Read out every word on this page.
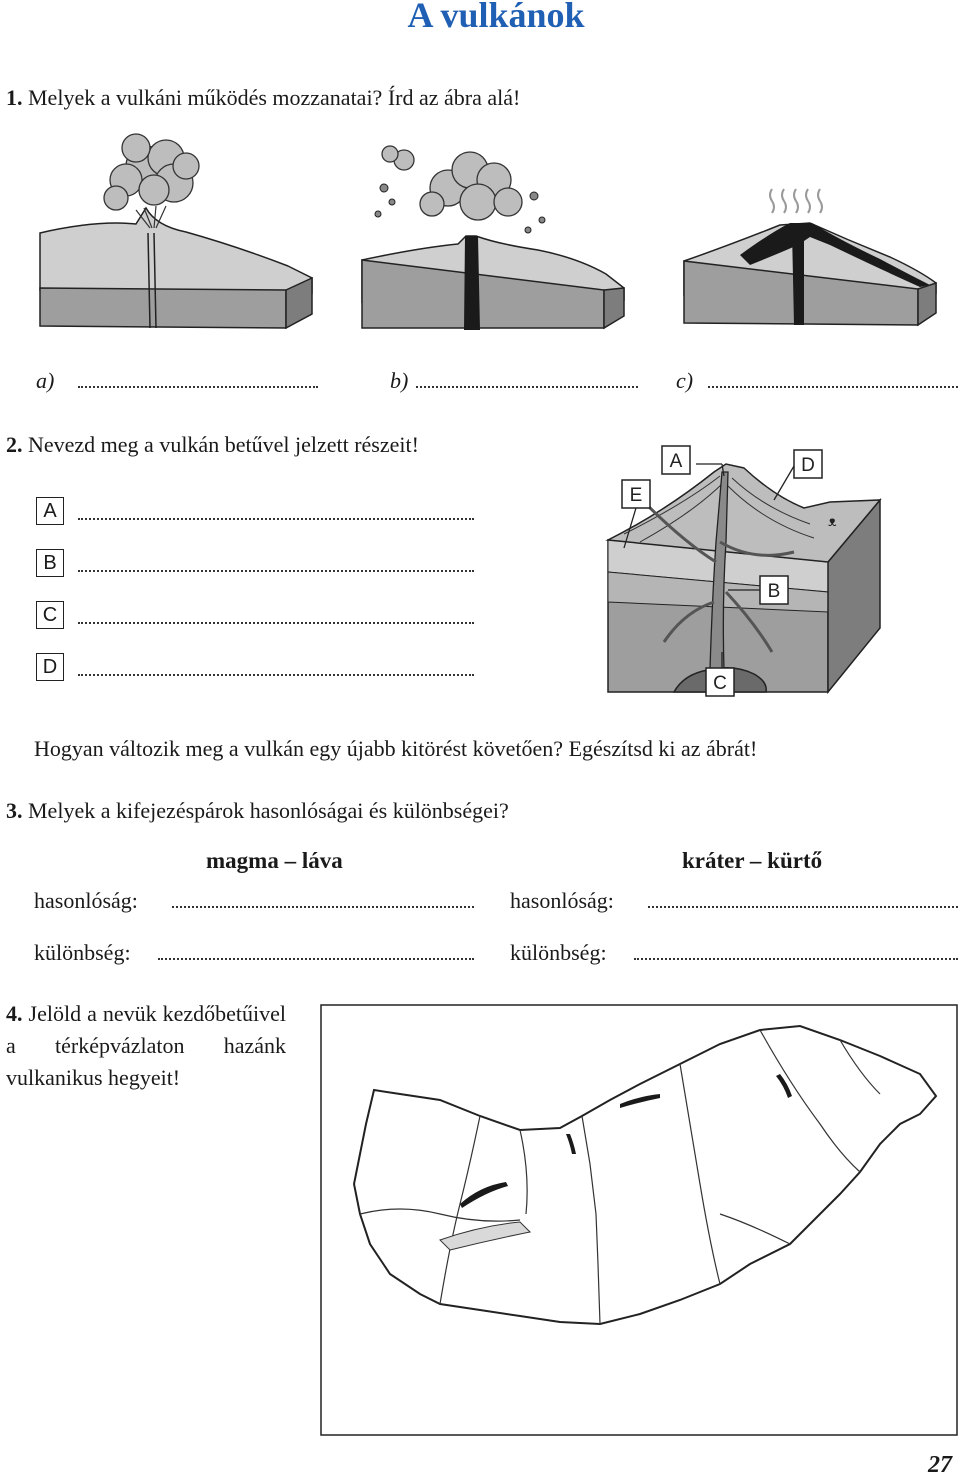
A vulkánok
1. Melyek a vulkáni működés mozzanatai? Írd az ábra alá!
a)	b)	c)
2. Nevezd meg a vulkán betűvel jelzett részeit!
A
B
C
D
ᴥ
A	D
E
B
C
Hogyan változik meg a vulkán egy újabb kitörést követően? Egészítsd ki az ábrát!
3. Melyek a kifejezéspárok hasonlóságai és különbségei?
magma – láva	kráter – kürtő
hasonlóság:	hasonlóság:
különbség:	különbség:
4. Jelöld a nevük kezdőbetűivel a térképvázlaton hazánk vulkanikus hegyeit!
27
